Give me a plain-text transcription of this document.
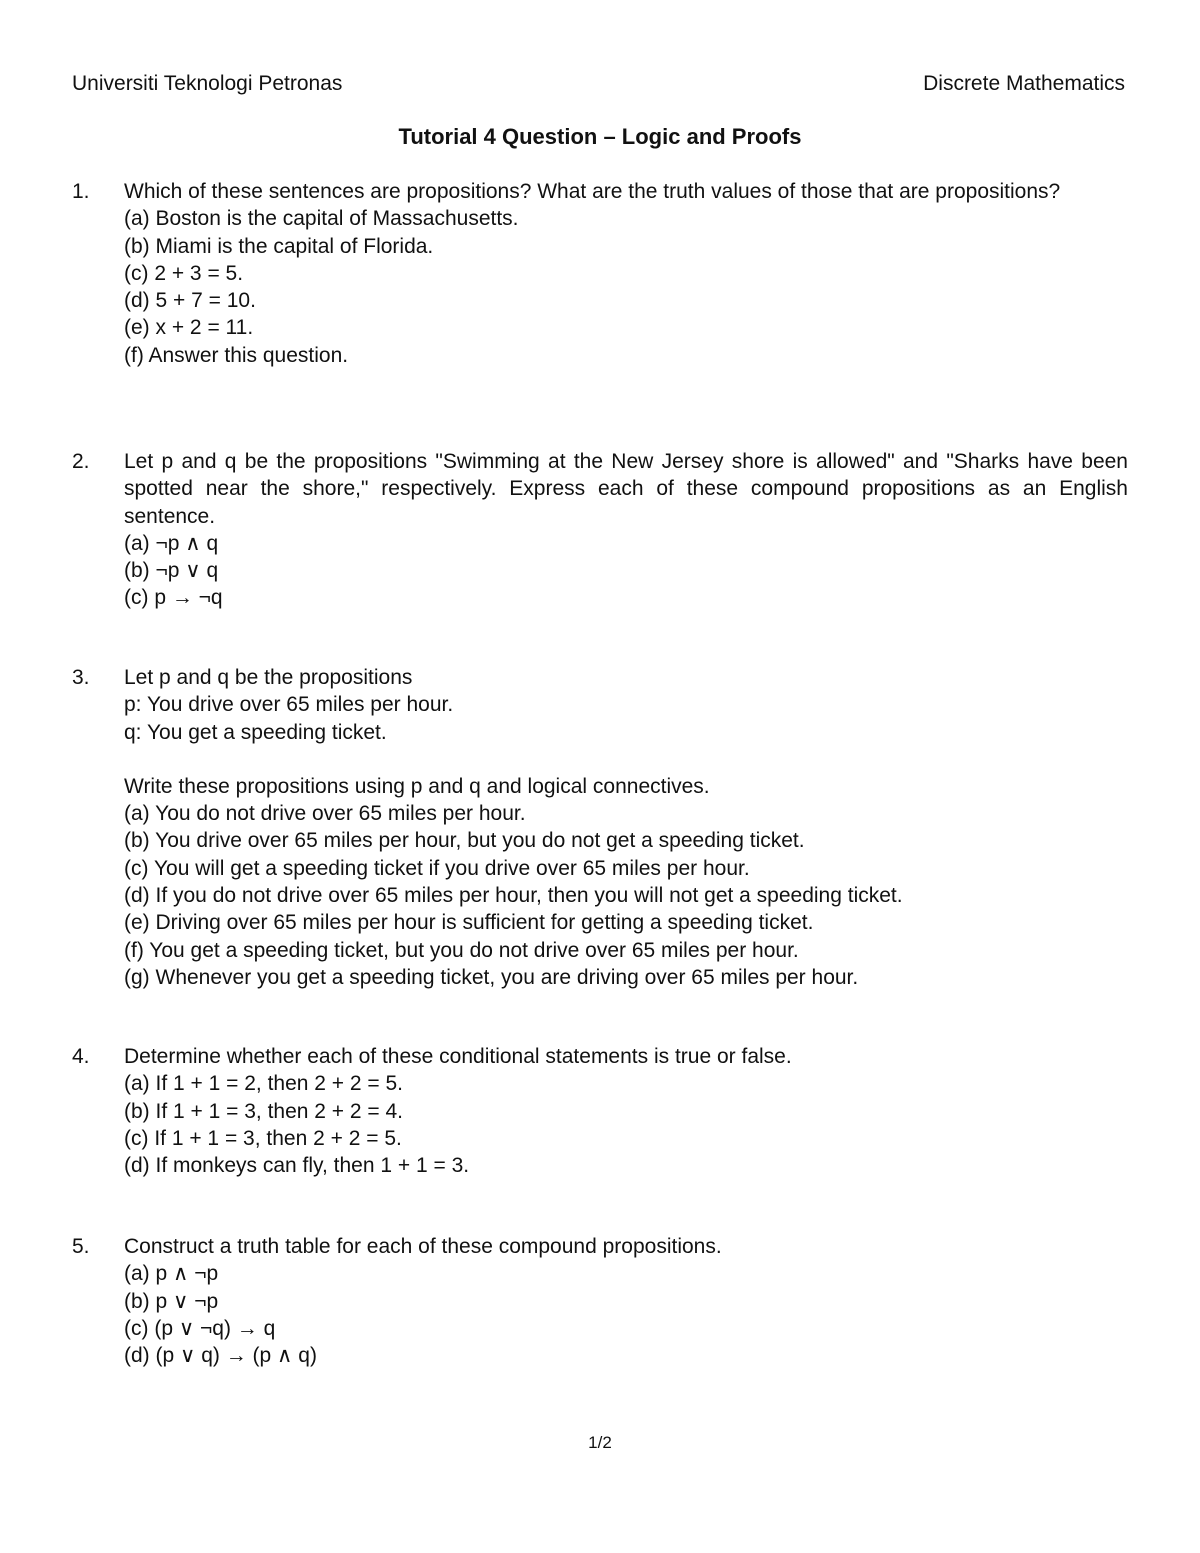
Universiti Teknologi Petronas	Discrete Mathematics
Tutorial 4 Question – Logic and Proofs
1. Which of these sentences are propositions? What are the truth values of those that are propositions?
(a) Boston is the capital of Massachusetts.
(b) Miami is the capital of Florida.
(c) 2 + 3 = 5.
(d) 5 + 7 = 10.
(e) x + 2 = 11.
(f) Answer this question.
2. Let p and q be the propositions "Swimming at the New Jersey shore is allowed" and "Sharks have been spotted near the shore," respectively. Express each of these compound propositions as an English sentence.
(a) ¬p ∧ q
(b) ¬p ∨ q
(c) p → ¬q
3. Let p and q be the propositions
p: You drive over 65 miles per hour.
q: You get a speeding ticket.
Write these propositions using p and q and logical connectives.
(a) You do not drive over 65 miles per hour.
(b) You drive over 65 miles per hour, but you do not get a speeding ticket.
(c) You will get a speeding ticket if you drive over 65 miles per hour.
(d) If you do not drive over 65 miles per hour, then you will not get a speeding ticket.
(e) Driving over 65 miles per hour is sufficient for getting a speeding ticket.
(f) You get a speeding ticket, but you do not drive over 65 miles per hour.
(g) Whenever you get a speeding ticket, you are driving over 65 miles per hour.
4. Determine whether each of these conditional statements is true or false.
(a) If 1 + 1 = 2, then 2 + 2 = 5.
(b) If 1 + 1 = 3, then 2 + 2 = 4.
(c) If 1 + 1 = 3, then 2 + 2 = 5.
(d) If monkeys can fly, then 1 + 1 = 3.
5. Construct a truth table for each of these compound propositions.
(a) p ∧ ¬p
(b) p ∨ ¬p
(c) (p ∨ ¬q) → q
(d) (p ∨ q) → (p ∧ q)
1/2
